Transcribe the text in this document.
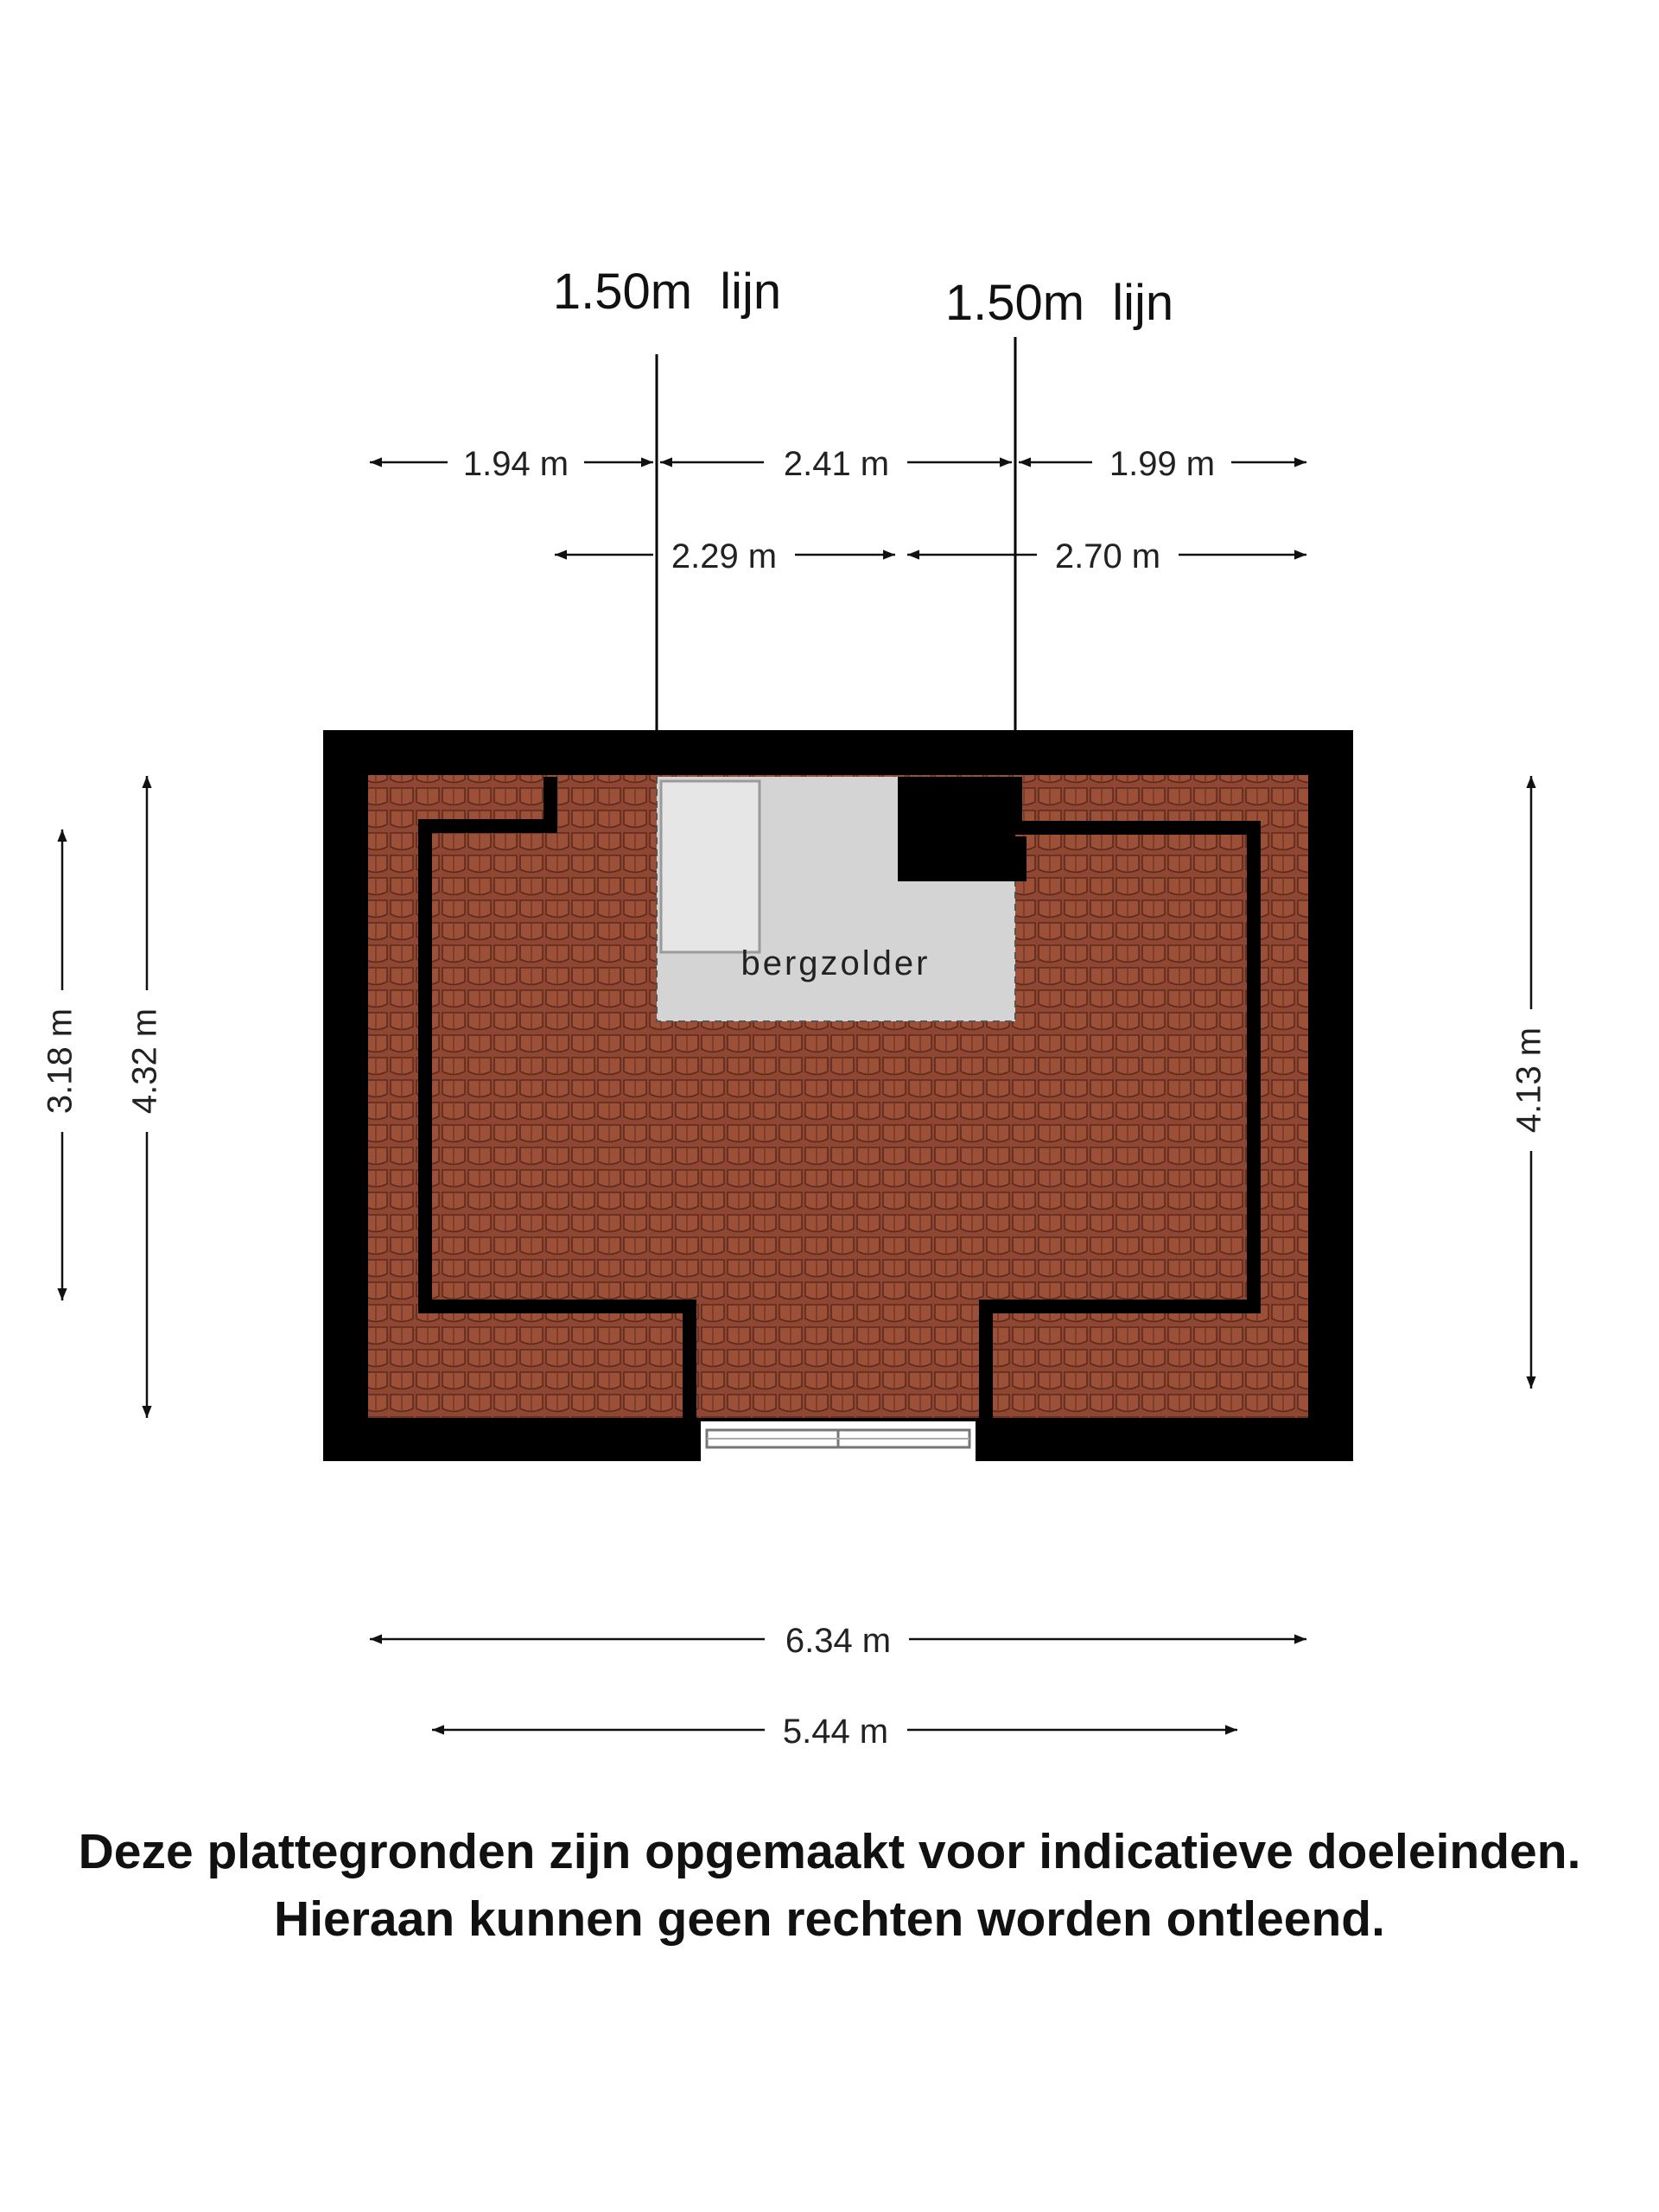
1.50m  lijn	1.50m  lijn
1.94 m	2.41 m	1.99 m
2.29 m	2.70 m
3.18 m 4.32 m	4.13 m
6.34 m
5.44 m
bergzolder
Deze plattegronden zijn opgemaakt voor indicatieve doeleinden.
Hieraan kunnen geen rechten worden ontleend.
